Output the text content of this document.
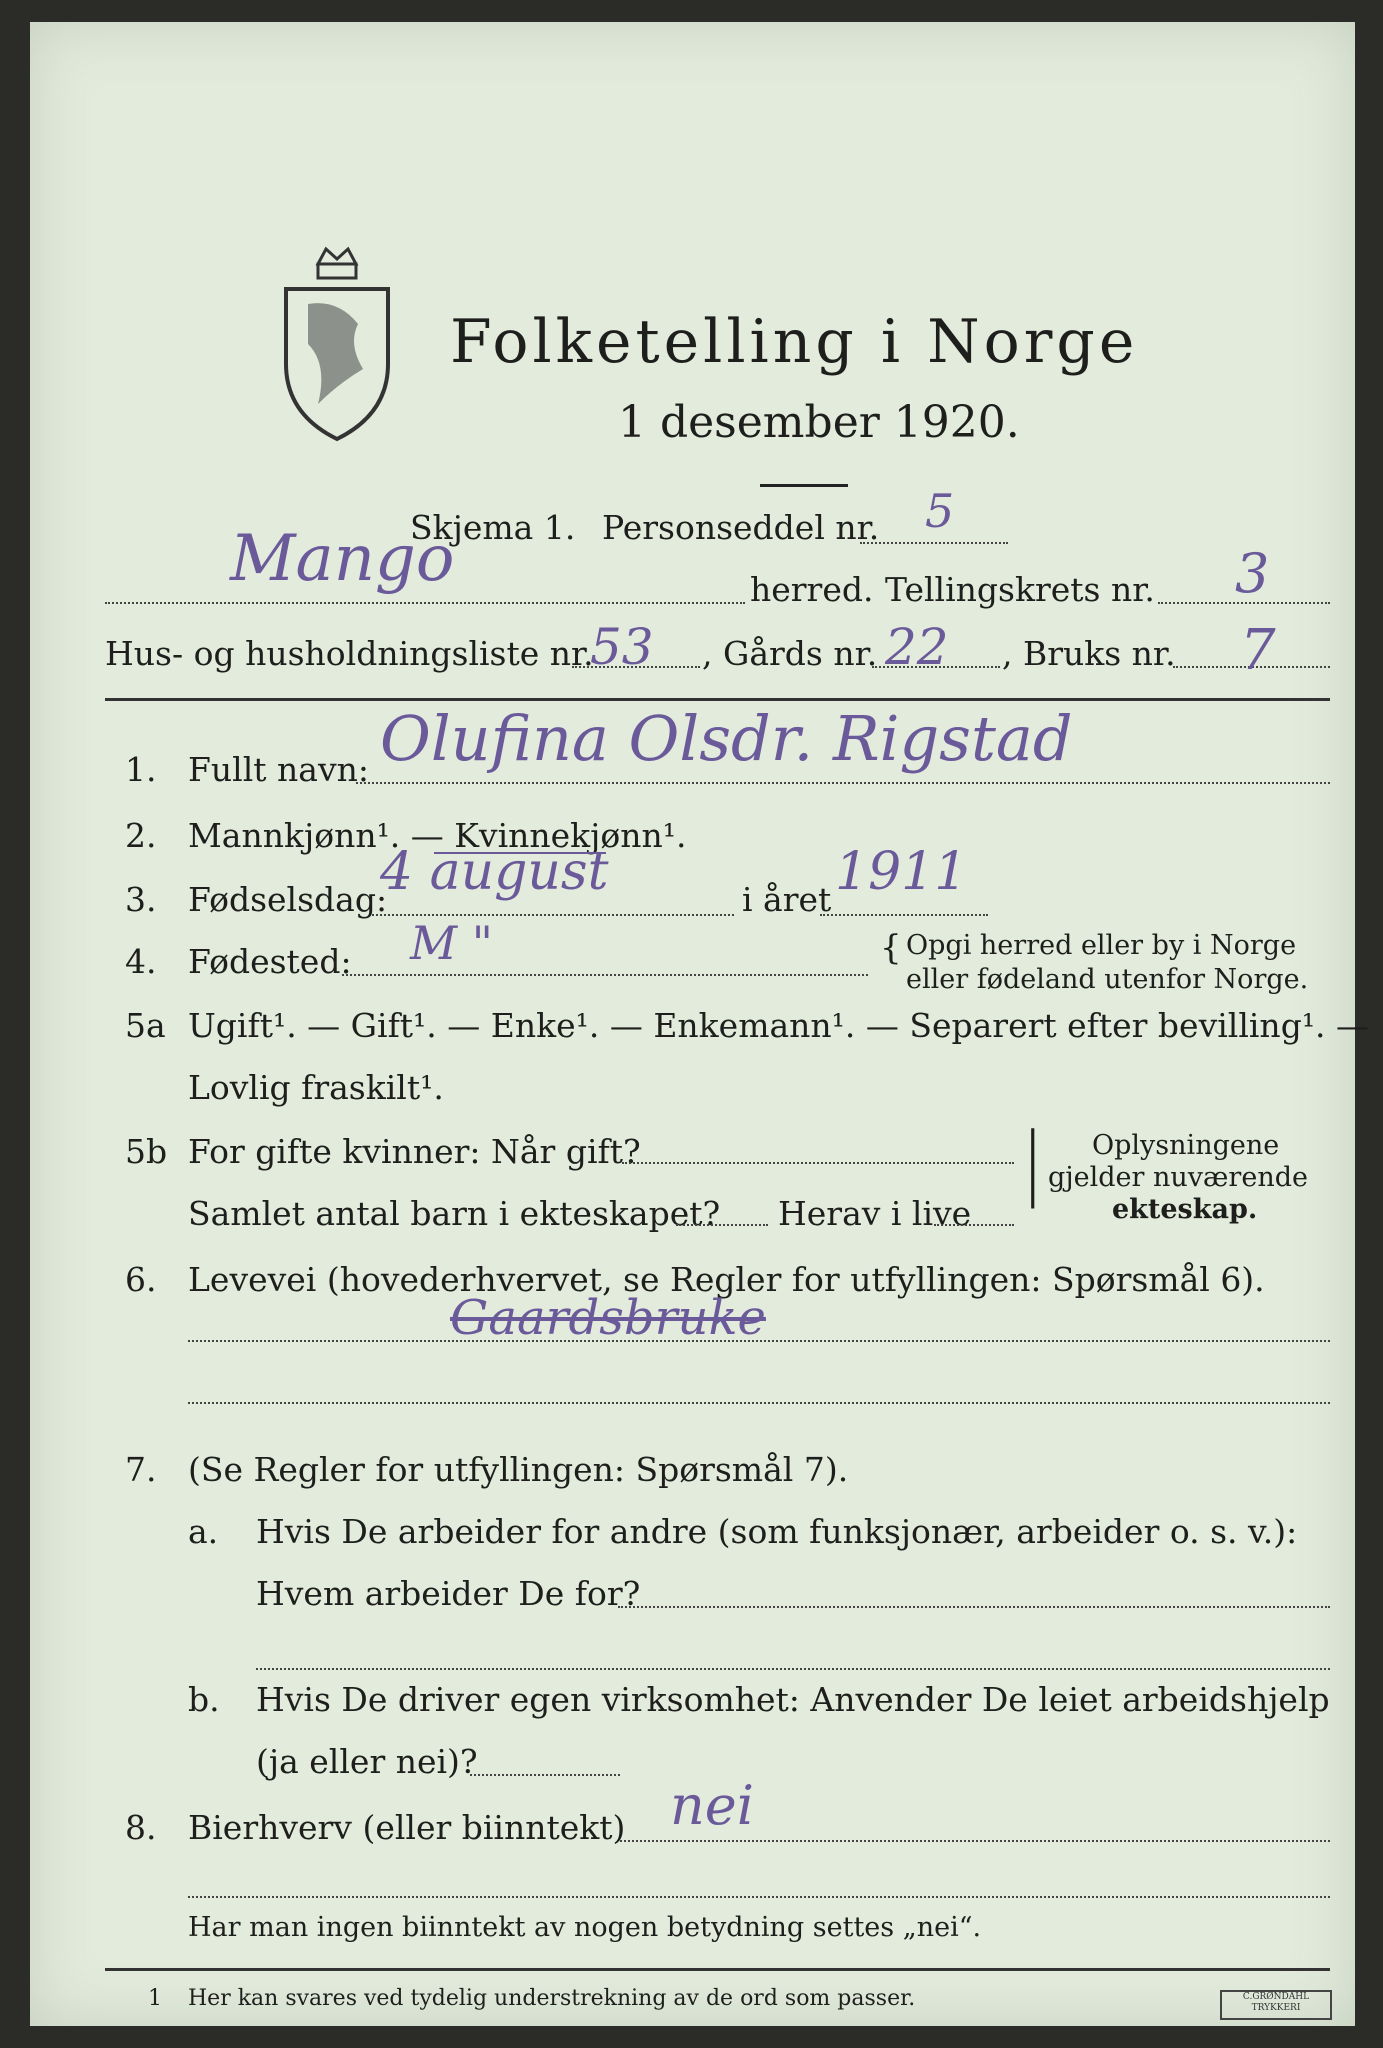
Folketelling i Norge
1 desember 1920.
Skjema 1. Personseddel nr. 5
Mango	herred. Tellingskrets nr. 3
Hus- og husholdningsliste nr.
53 , Gårds nr. 22 , Bruks nr. 7
1. Fullt navn: Olufina Olsdr. Rigstad
2. Mannkjønn¹. — Kvinnekjønn¹.
3. Fødselsdag:
4 august	i året 1911
4. Fødested: M "	{ Opgi herred eller by i Norge
eller fødeland utenfor Norge.
5a Ugift¹. — Gift¹. — Enke¹. — Enkemann¹. — Separert efter bevilling¹. —
Lovlig fraskilt¹.
5b For gifte kvinner: Når gift?
Samlet antal barn i ekteskapet? Herav i live
|
|
Oplysningene
gjelder nuværende
ekteskap.
6. Levevei (hovederhvervet, se Regler for utfyllingen: Spørsmål 6).
Gaardsbruke
7. (Se Regler for utfyllingen: Spørsmål 7).
a. Hvis De arbeider for andre (som funksjonær, arbeider o. s. v.):
Hvem arbeider De for?
b. Hvis De driver egen virksomhet: Anvender De leiet arbeidshjelp
(ja eller nei)?
8. Bierhverv (eller biinntekt) nei
Har man ingen biinntekt av nogen betydning settes „nei“.
1 Her kan svares ved tydelig understrekning av de ord som passer.	C.GRØNDAHL TRYKKERI
